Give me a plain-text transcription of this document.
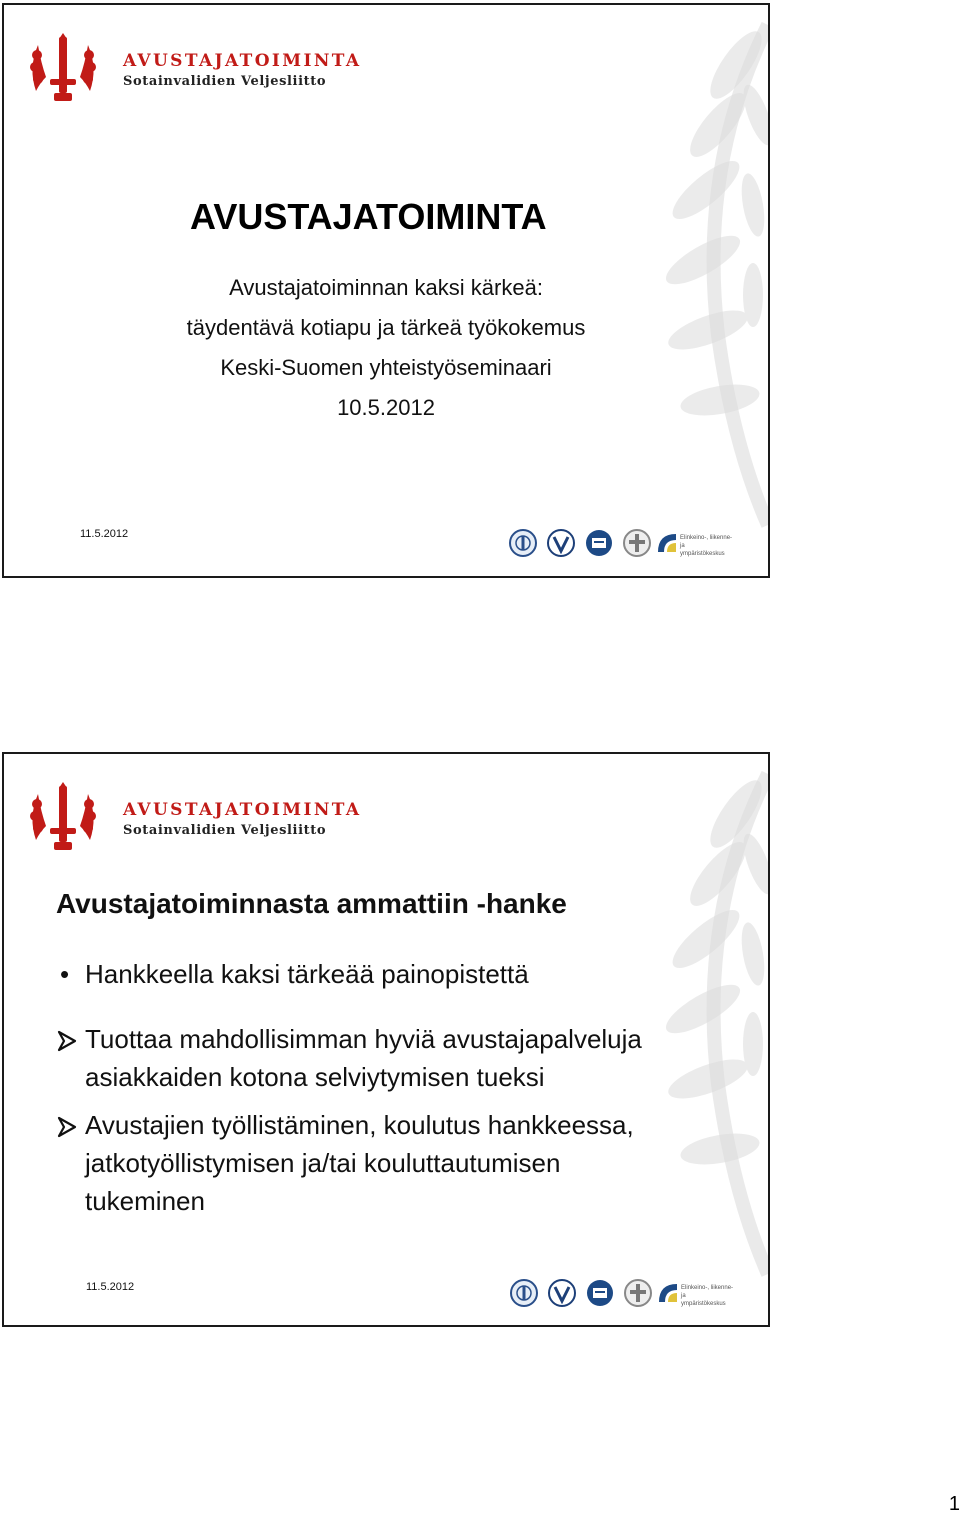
AVUSTAJATOIMINTA
Sotainvalidien Veljesliitto
AVUSTAJATOIMINTA
Avustajatoiminnan kaksi kärkeä:
täydentävä kotiapu ja tärkeä työkokemus
Keski-Suomen yhteistyöseminaari
10.5.2012
11.5.2012	Elinkeino-, liikenne- ja
ympäristökeskus
AVUSTAJATOIMINTA
Sotainvalidien Veljesliitto
Avustajatoiminnasta ammattiin -hanke
• Hankkeella kaksi tärkeää painopistettä
Tuottaa mahdollisimman hyviä avustajapalveluja
asiakkaiden kotona selviytymisen tueksi
Avustajien työllistäminen, koulutus hankkeessa,
jatkotyöllistymisen ja/tai kouluttautumisen
tukeminen
11.5.2012	Elinkeino-, liikenne- ja
ympäristökeskus
1
